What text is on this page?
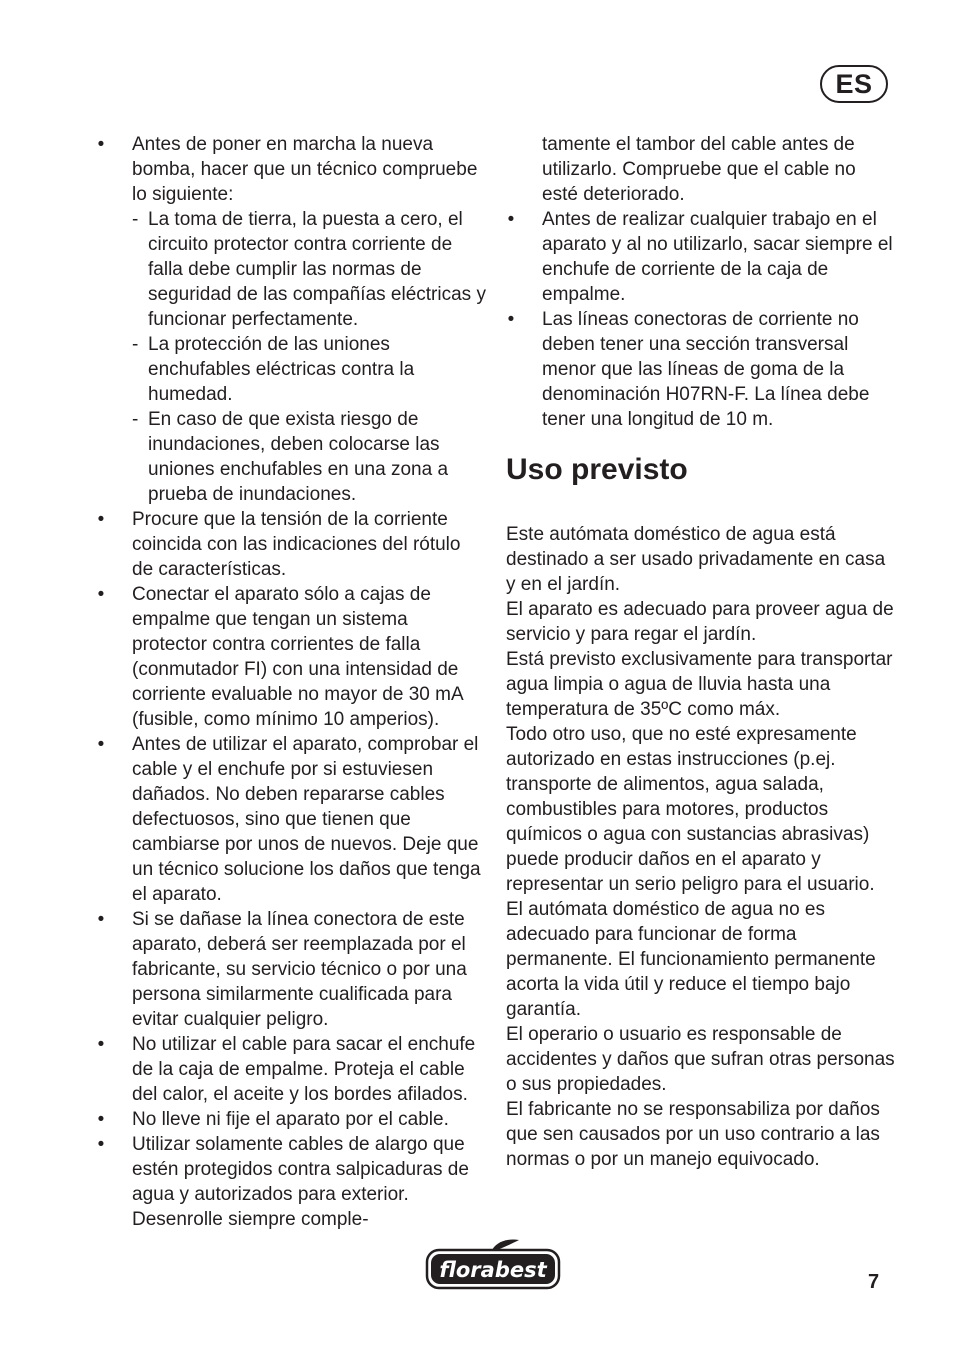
ES
• Antes de poner en marcha la nueva bomba, hacer que un técnico compruebe lo siguiente:
- La toma de tierra, la puesta a cero, el circuito protector contra corriente de falla debe cumplir las normas de seguridad de las compañías eléctricas y funcionar perfectamente.
- La protección de las uniones enchufables eléctricas contra la humedad.
- En caso de que exista riesgo de inundaciones, deben colocarse las uniones enchufables en una zona a prueba de inundaciones.
• Procure que la tensión de la corriente coincida con las indicaciones del rótulo de características.
• Conectar el aparato sólo a cajas de empalme que tengan un sistema protector contra corrientes de falla (conmutador FI) con una intensidad de corriente evaluable no mayor de 30 mA (fusible, como mínimo 10 amperios).
• Antes de utilizar el aparato, comprobar el cable y el enchufe por si estuviesen dañados. No deben repararse cables defectuosos, sino que tienen que cambiarse por unos de nuevos. Deje que un técnico solucione los daños que tenga el aparato.
• Si se dañase la línea conectora de este aparato, deberá ser reemplazada por el fabricante, su servicio técnico o por una persona similarmente cualificada para evitar cualquier peligro.
• No utilizar el cable para sacar el enchufe de la caja de empalme. Proteja el cable del calor, el aceite y los bordes afilados.
• No lleve ni fije el aparato por el cable.
• Utilizar solamente cables de alargo que estén protegidos contra salpicaduras de agua y autorizados para exterior. Desenrolle siempre comple-
tamente el tambor del cable antes de utilizarlo. Compruebe que el cable no esté deteriorado.
• Antes de realizar cualquier trabajo en el aparato y al no utilizarlo, sacar siempre el enchufe de corriente de la caja de empalme.
• Las líneas conectoras de corriente no deben tener una sección transversal menor que las líneas de goma de la denominación H07RN-F. La línea debe tener una longitud de 10 m.
Uso previsto

Este autómata doméstico de agua está destinado a ser usado privadamente en casa y en el jardín.

El aparato es adecuado para proveer agua de servicio y para regar el jardín.

Está previsto exclusivamente para transportar agua limpia o agua de lluvia hasta una temperatura de 35ºC como máx.

Todo otro uso, que no esté expresamente autorizado en estas instrucciones (p.ej. transporte de alimentos, agua salada, combustibles para motores, productos químicos o agua con sustancias abrasivas) puede producir daños en el aparato y representar un serio peligro para el usuario.

El autómata doméstico de agua no es adecuado para funcionar de forma permanente. El funcionamiento permanente acorta la vida útil y reduce el tiempo bajo garantía.

El operario o usuario es responsable de accidentes y daños que sufran otras personas o sus propiedades.

El fabricante no se responsabiliza por daños que sen causados por un uso contrario a las normas o por un manejo equivocado.

florabest	7
